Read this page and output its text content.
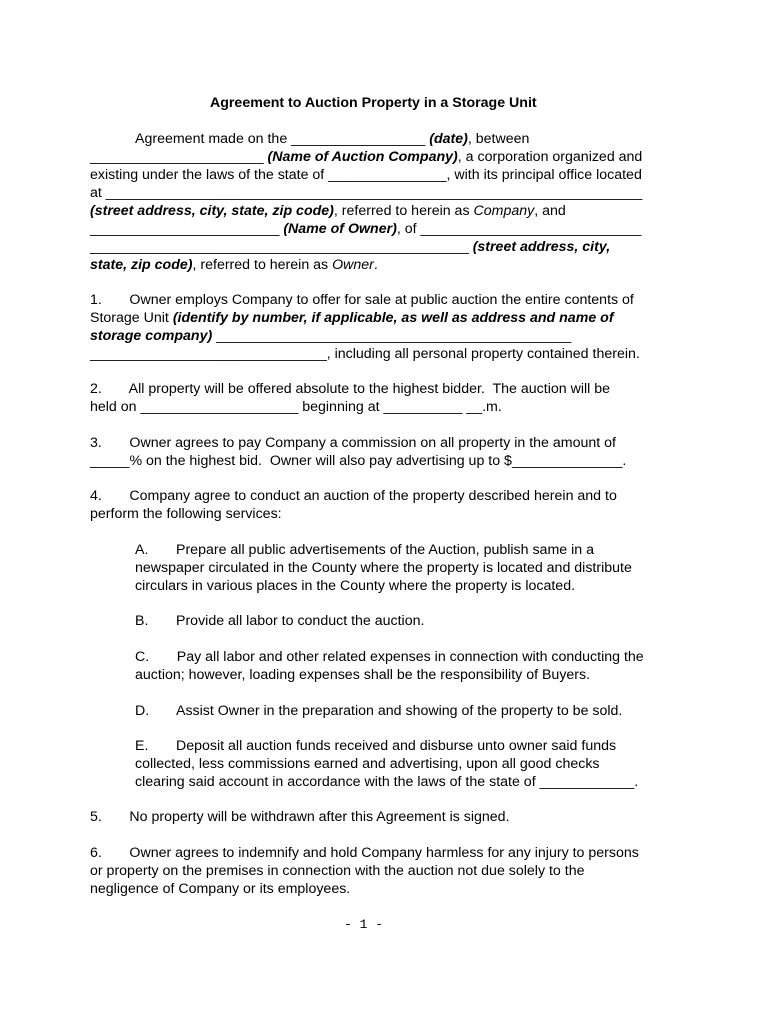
Agreement to Auction Property in a Storage Unit
Agreement made on the _________________ (date), between
______________________ (Name of Auction Company), a corporation organized and
existing under the laws of the state of _______________, with its principal office located
at ____________________________________________________________________
(street address, city, state, zip code), referred to herein as Company, and
________________________ (Name of Owner), of ____________________________
________________________________________________ (street address, city,
state, zip code), referred to herein as Owner.
1.       Owner employs Company to offer for sale at public auction the entire contents of
Storage Unit (identify by number, if applicable, as well as address and name of
storage company) _____________________________________________
______________________________, including all personal property contained therein.
2.       All property will be offered absolute to the highest bidder.  The auction will be
held on ____________________ beginning at __________ __.m.
3.       Owner agrees to pay Company a commission on all property in the amount of
_____% on the highest bid.  Owner will also pay advertising up to $______________.
4.       Company agree to conduct an auction of the property described herein and to
perform the following services:
A.       Prepare all public advertisements of the Auction, publish same in a
newspaper circulated in the County where the property is located and distribute
circulars in various places in the County where the property is located.
B.       Provide all labor to conduct the auction.
C.       Pay all labor and other related expenses in connection with conducting the
auction; however, loading expenses shall be the responsibility of Buyers.
D.       Assist Owner in the preparation and showing of the property to be sold.
E.       Deposit all auction funds received and disburse unto owner said funds
collected, less commissions earned and advertising, upon all good checks
clearing said account in accordance with the laws of the state of ____________.
5.       No property will be withdrawn after this Agreement is signed.
6.       Owner agrees to indemnify and hold Company harmless for any injury to persons
or property on the premises in connection with the auction not due solely to the
negligence of Company or its employees.
- 1 -
